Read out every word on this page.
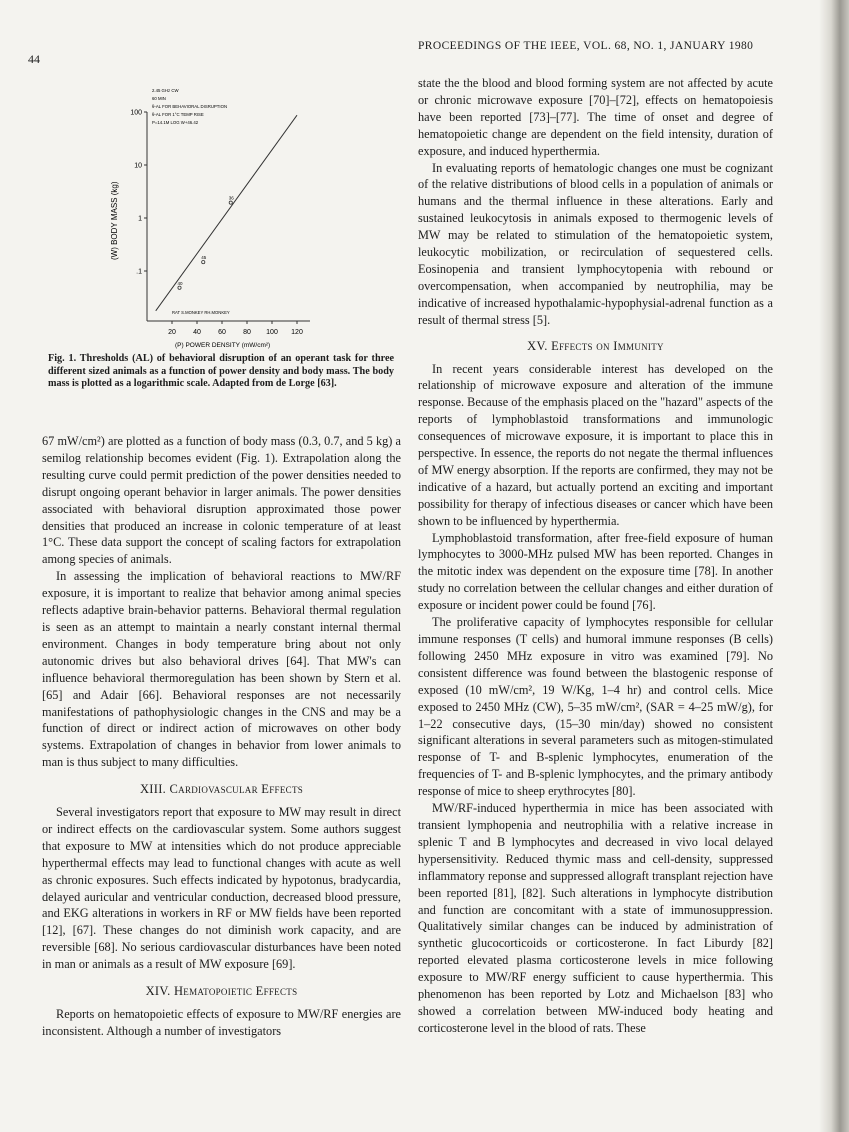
44
PROCEEDINGS OF THE IEEE, VOL. 68, NO. 1, JANUARY 1980
2.45 GHz CW
60 MIN
θ-AL FOR BEHAVIORAL DISRUPTION
θ-AL FOR 1°C TEMP RISE
P=14.1M LOG W+46.42
100
10
1
.1
20 40 60 80 100 120
(W) BODY MASS (kg)
(P) POWER DENSITY (mW/cm²)
RAT S.MONKEY RH.MONKEY
40
45
36
Fig. 1. Thresholds (AL) of behavioral disruption of an operant task for three different sized animals as a function of power density and body mass. The body mass is plotted as a logarithmic scale. Adapted from de Lorge [63].

67 mW/cm²) are plotted as a function of body mass (0.3, 0.7, and 5 kg) a semilog relationship becomes evident (Fig. 1). Extrapolation along the resulting curve could permit prediction of the power densities needed to disrupt ongoing operant behavior in larger animals. The power densities associated with behavioral disruption approximated those power densities that produced an increase in colonic temperature of at least 1°C. These data support the concept of scaling factors for extrapolation among species of animals.

In assessing the implication of behavioral reactions to MW/RF exposure, it is important to realize that behavior among animal species reflects adaptive brain-behavior patterns. Behavioral thermal regulation is seen as an attempt to maintain a nearly constant internal thermal environment. Changes in body temperature bring about not only autonomic drives but also behavioral drives [64]. That MW's can influence behavioral thermoregulation has been shown by Stern et al. [65] and Adair [66]. Behavioral responses are not necessarily manifestations of pathophysiologic changes in the CNS and may be a function of direct or indirect action of microwaves on other body systems. Extrapolation of changes in behavior from lower animals to man is thus subject to many difficulties.

XIII. Cardiovascular Effects

Several investigators report that exposure to MW may result in direct or indirect effects on the cardiovascular system. Some authors suggest that exposure to MW at intensities which do not produce appreciable hyperthermal effects may lead to functional changes with acute as well as chronic exposures. Such effects indicated by hypotonus, bradycardia, delayed auricular and ventricular conduction, decreased blood pressure, and EKG alterations in workers in RF or MW fields have been reported [12], [67]. These changes do not diminish work capacity, and are reversible [68]. No serious cardiovascular disturbances have been noted in man or animals as a result of MW exposure [69].

XIV. Hematopoietic Effects

Reports on hematopoietic effects of exposure to MW/RF energies are inconsistent. Although a number of investigators

state the the blood and blood forming system are not affected by acute or chronic microwave exposure [70]–[72], effects on hematopoiesis have been reported [73]–[77]. The time of onset and degree of hematopoietic change are dependent on the field intensity, duration of exposure, and induced hyperthermia.

In evaluating reports of hematologic changes one must be cognizant of the relative distributions of blood cells in a population of animals or humans and the thermal influence in these alterations. Early and sustained leukocytosis in animals exposed to thermogenic levels of MW may be related to stimulation of the hematopoietic system, leukocytic mobilization, or recirculation of sequestered cells. Eosinopenia and transient lymphocytopenia with rebound or overcompensation, when accompanied by neutrophilia, may be indicative of increased hypothalamic-hypophysial-adrenal function as a result of thermal stress [5].

XV. Effects on Immunity

In recent years considerable interest has developed on the relationship of microwave exposure and alteration of the immune response. Because of the emphasis placed on the "hazard" aspects of the reports of lymphoblastoid transformations and immunologic consequences of microwave exposure, it is important to place this in perspective. In essence, the reports do not negate the thermal influences of MW energy absorption. If the reports are confirmed, they may not be indicative of a hazard, but actually portend an exciting and important possibility for therapy of infectious diseases or cancer which have been shown to be influenced by hyperthermia.

Lymphoblastoid transformation, after free-field exposure of human lymphocytes to 3000-MHz pulsed MW has been reported. Changes in the mitotic index was dependent on the exposure time [78]. In another study no correlation between the cellular changes and either duration of exposure or incident power could be found [76].

The proliferative capacity of lymphocytes responsible for cellular immune responses (T cells) and humoral immune responses (B cells) following 2450 MHz exposure in vitro was examined [79]. No consistent difference was found between the blastogenic response of exposed (10 mW/cm², 19 W/Kg, 1–4 hr) and control cells. Mice exposed to 2450 MHz (CW), 5–35 mW/cm², (SAR = 4–25 mW/g), for 1–22 consecutive days, (15–30 min/day) showed no consistent significant alterations in several parameters such as mitogen-stimulated response of T- and B-splenic lymphocytes, enumeration of the frequencies of T- and B-splenic lymphocytes, and the primary antibody response of mice to sheep erythrocytes [80].

MW/RF-induced hyperthermia in mice has been associated with transient lymphopenia and neutrophilia with a relative increase in splenic T and B lymphocytes and decreased in vivo local delayed hypersensitivity. Reduced thymic mass and cell-density, suppressed inflammatory reponse and suppressed allograft transplant rejection have been reported [81], [82]. Such alterations in lymphocyte distribution and function are concomitant with a state of immunosuppression. Qualitatively similar changes can be induced by administration of synthetic glucocorticoids or corticosterone. In fact Liburdy [82] reported elevated plasma corticosterone levels in mice following exposure to MW/RF energy sufficient to cause hyperthermia. This phenomenon has been reported by Lotz and Michaelson [83] who showed a correlation between MW-induced body heating and corticosterone level in the blood of rats. These
